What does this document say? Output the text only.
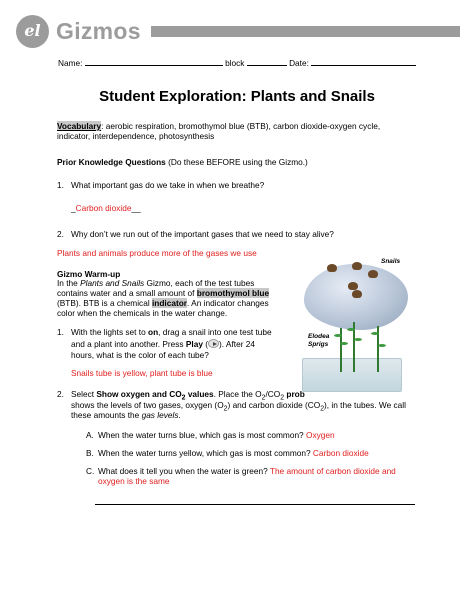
el Gizmos
Name:	block	Date:
Student Exploration: Plants and Snails
Vocabulary: aerobic respiration, bromothymol blue (BTB), carbon dioxide-oxygen cycle,
indicator, interdependence, photosynthesis
Prior Knowledge Questions (Do these BEFORE using the Gizmo.)
1. What important gas do we take in when we breathe?
_Carbon dioxide__
2. Why don’t we run out of the important gases that we need to stay alive?
Plants and animals produce more of the gases we use
Gizmo Warm-up
In the Plants and Snails Gizmo, each of the test tubes
contains water and a small amount of bromothymol blue
(BTB). BTB is a chemical indicator. An indicator changes
color when the chemicals in the water change.
1. With the lights set to on, drag a snail into one test tube
and a plant into another. Press Play ( ). After 24
hours, what is the color of each tube?
Snails tube is yellow, plant tube is blue
Snails
Elodea
Sprigs
2. Select Show oxygen and $CO_2$ values. Place the $O_2/CO_2$ prob
shows the levels of two gases, oxygen $(O_2)$ and carbon dioxide $(CO_2)$, in the tubes. We call
these amounts the gas levels.
A. When the water turns blue, which gas is most common? Oxygen
B. When the water turns yellow, which gas is most common? Carbon dioxide
C. What does it tell you when the water is green? The amount of carbon dioxide and
oxygen is the same
